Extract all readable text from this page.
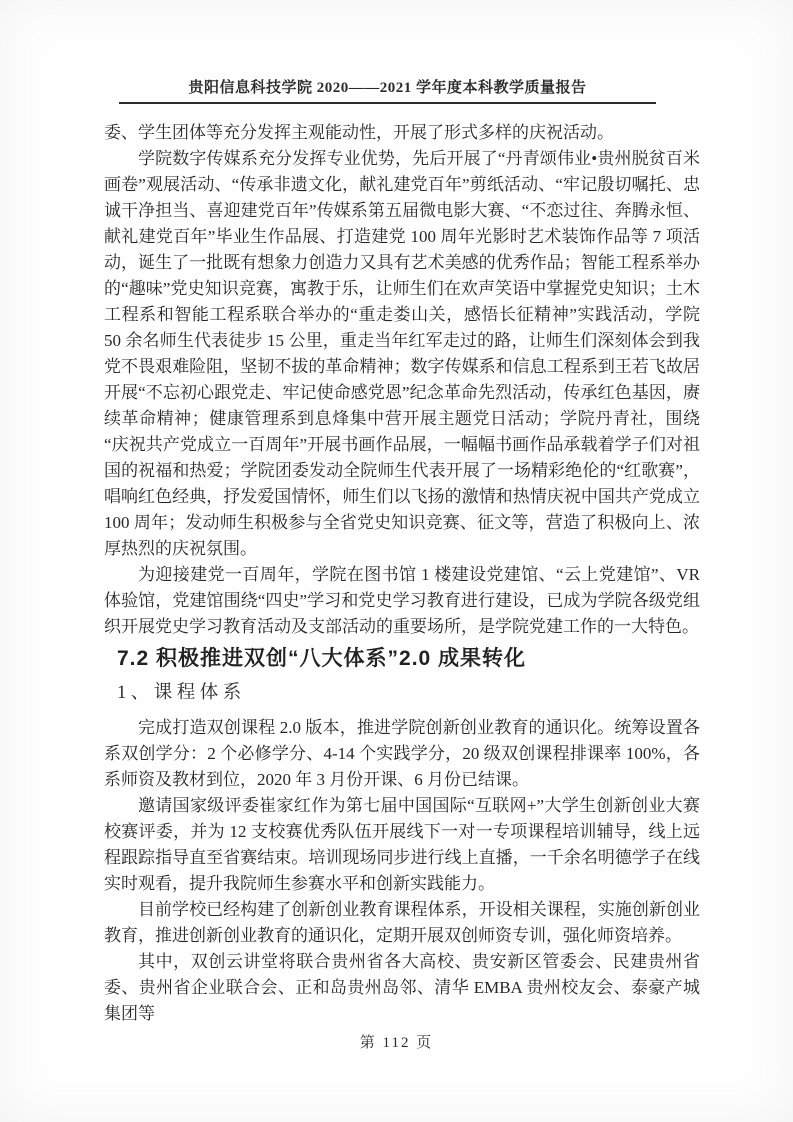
贵阳信息科技学院 2020——2021 学年度本科教学质量报告

委、学生团体等充分发挥主观能动性，开展了形式多样的庆祝活动。

学院数字传媒系充分发挥专业优势，先后开展了“丹青颂伟业•贵州脱贫百米画卷”观展活动、“传承非遗文化，献礼建党百年”剪纸活动、“牢记殷切嘱托、忠诚干净担当、喜迎建党百年”传媒系第五届微电影大赛、“不恋过往、奔腾永恒、献礼建党百年”毕业生作品展、打造建党 100 周年光影时艺术装饰作品等 7 项活动，诞生了一批既有想象力创造力又具有艺术美感的优秀作品；智能工程系举办的“趣味”党史知识竞赛，寓教于乐，让师生们在欢声笑语中掌握党史知识；土木工程系和智能工程系联合举办的“重走娄山关，感悟长征精神”实践活动，学院 50 余名师生代表徒步 15 公里，重走当年红军走过的路，让师生们深刻体会到我党不畏艰难险阻，坚韧不拔的革命精神；数字传媒系和信息工程系到王若飞故居开展“不忘初心跟党走、牢记使命感党恩”纪念革命先烈活动，传承红色基因，赓续革命精神；健康管理系到息烽集中营开展主题党日活动；学院丹青社，围绕“庆祝共产党成立一百周年”开展书画作品展，一幅幅书画作品承载着学子们对祖国的祝福和热爱；学院团委发动全院师生代表开展了一场精彩绝伦的“红歌赛”，唱响红色经典，抒发爱国情怀，师生们以飞扬的激情和热情庆祝中国共产党成立 100 周年；发动师生积极参与全省党史知识竞赛、征文等，营造了积极向上、浓厚热烈的庆祝氛围。

为迎接建党一百周年，学院在图书馆 1 楼建设党建馆、“云上党建馆”、VR 体验馆，党建馆围绕“四史”学习和党史学习教育进行建设，已成为学院各级党组织开展党史学习教育活动及支部活动的重要场所，是学院党建工作的一大特色。

7.2 积极推进双创“八大体系”2.0 成果转化
1、课程体系

完成打造双创课程 2.0 版本，推进学院创新创业教育的通识化。统筹设置各系双创学分：2 个必修学分、4-14 个实践学分，20 级双创课程排课率 100%，各系师资及教材到位，2020 年 3 月份开课、6 月份已结课。

邀请国家级评委崔家红作为第七届中国国际“互联网+”大学生创新创业大赛校赛评委，并为 12 支校赛优秀队伍开展线下一对一专项课程培训辅导，线上远程跟踪指导直至省赛结束。培训现场同步进行线上直播，一千余名明德学子在线实时观看，提升我院师生参赛水平和创新实践能力。

目前学校已经构建了创新创业教育课程体系，开设相关课程，实施创新创业教育，推进创新创业教育的通识化，定期开展双创师资专训，强化师资培养。

其中，双创云讲堂将联合贵州省各大高校、贵安新区管委会、民建贵州省委、贵州省企业联合会、正和岛贵州岛邻、清华 EMBA 贵州校友会、泰豪产城集团等

第 112 页
